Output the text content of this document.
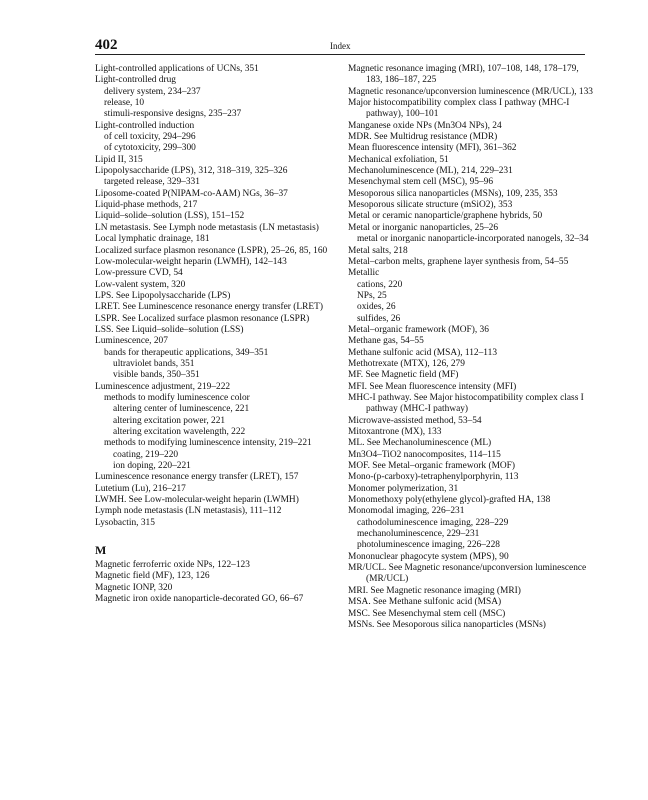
402	Index

Light-controlled applications of UCNs, 351

Light-controlled drug

delivery system, 234–237

release, 10

stimuli-responsive designs, 235–237

Light-controlled induction

of cell toxicity, 294–296

of cytotoxicity, 299–300

Lipid II, 315

Lipopolysaccharide (LPS), 312, 318–319, 325–326

targeted release, 329–331

Liposome-coated P(NIPAM-co-AAM) NGs, 36–37

Liquid-phase methods, 217

Liquid–solide–solution (LSS), 151–152

LN metastasis. See Lymph node metastasis (LN metastasis)

Local lymphatic drainage, 181

Localized surface plasmon resonance (LSPR), 25–26, 85, 160

Low-molecular-weight heparin (LWMH), 142–143

Low-pressure CVD, 54

Low-valent system, 320

LPS. See Lipopolysaccharide (LPS)

LRET. See Luminescence resonance energy transfer (LRET)

LSPR. See Localized surface plasmon resonance (LSPR)

LSS. See Liquid–solide–solution (LSS)

Luminescence, 207

bands for therapeutic applications, 349–351

ultraviolet bands, 351

visible bands, 350–351

Luminescence adjustment, 219–222

methods to modify luminescence color

altering center of luminescence, 221

altering excitation power, 221

altering excitation wavelength, 222

methods to modifying luminescence intensity, 219–221

coating, 219–220

ion doping, 220–221

Luminescence resonance energy transfer (LRET), 157

Lutetium (Lu), 216–217

LWMH. See Low-molecular-weight heparin (LWMH)

Lymph node metastasis (LN metastasis), 111–112

Lysobactin, 315

M

Magnetic ferroferric oxide NPs, 122–123

Magnetic field (MF), 123, 126

Magnetic IONP, 320

Magnetic iron oxide nanoparticle-decorated GO, 66–67

Magnetic resonance imaging (MRI), 107–108, 148, 178–179, 183, 186–187, 225

Magnetic resonance/upconversion luminescence (MR/UCL), 133

Major histocompatibility complex class I pathway (MHC-I pathway), 100–101

Manganese oxide NPs (Mn3O4 NPs), 24

MDR. See Multidrug resistance (MDR)

Mean fluorescence intensity (MFI), 361–362

Mechanical exfoliation, 51

Mechanoluminescence (ML), 214, 229–231

Mesenchymal stem cell (MSC), 95–96

Mesoporous silica nanoparticles (MSNs), 109, 235, 353

Mesoporous silicate structure (mSiO2), 353

Metal or ceramic nanoparticle/graphene hybrids, 50

Metal or inorganic nanoparticles, 25–26

metal or inorganic nanoparticle-incorporated nanogels, 32–34

Metal salts, 218

Metal–carbon melts, graphene layer synthesis from, 54–55

Metallic

cations, 220

NPs, 25

oxides, 26

sulfides, 26

Metal–organic framework (MOF), 36

Methane gas, 54–55

Methane sulfonic acid (MSA), 112–113

Methotrexate (MTX), 126, 279

MF. See Magnetic field (MF)

MFI. See Mean fluorescence intensity (MFI)

MHC-I pathway. See Major histocompatibility complex class I pathway (MHC-I pathway)

Microwave-assisted method, 53–54

Mitoxantrone (MX), 133

ML. See Mechanoluminescence (ML)

Mn3O4–TiO2 nanocomposites, 114–115

MOF. See Metal–organic framework (MOF)

Mono-(p-carboxy)-tetraphenylporphyrin, 113

Monomer polymerization, 31

Monomethoxy poly(ethylene glycol)-grafted HA, 138

Monomodal imaging, 226–231

cathodoluminescence imaging, 228–229

mechanoluminescence, 229–231

photoluminescence imaging, 226–228

Mononuclear phagocyte system (MPS), 90

MR/UCL. See Magnetic resonance/upconversion luminescence (MR/UCL)

MRI. See Magnetic resonance imaging (MRI)

MSA. See Methane sulfonic acid (MSA)

MSC. See Mesenchymal stem cell (MSC)

MSNs. See Mesoporous silica nanoparticles (MSNs)
